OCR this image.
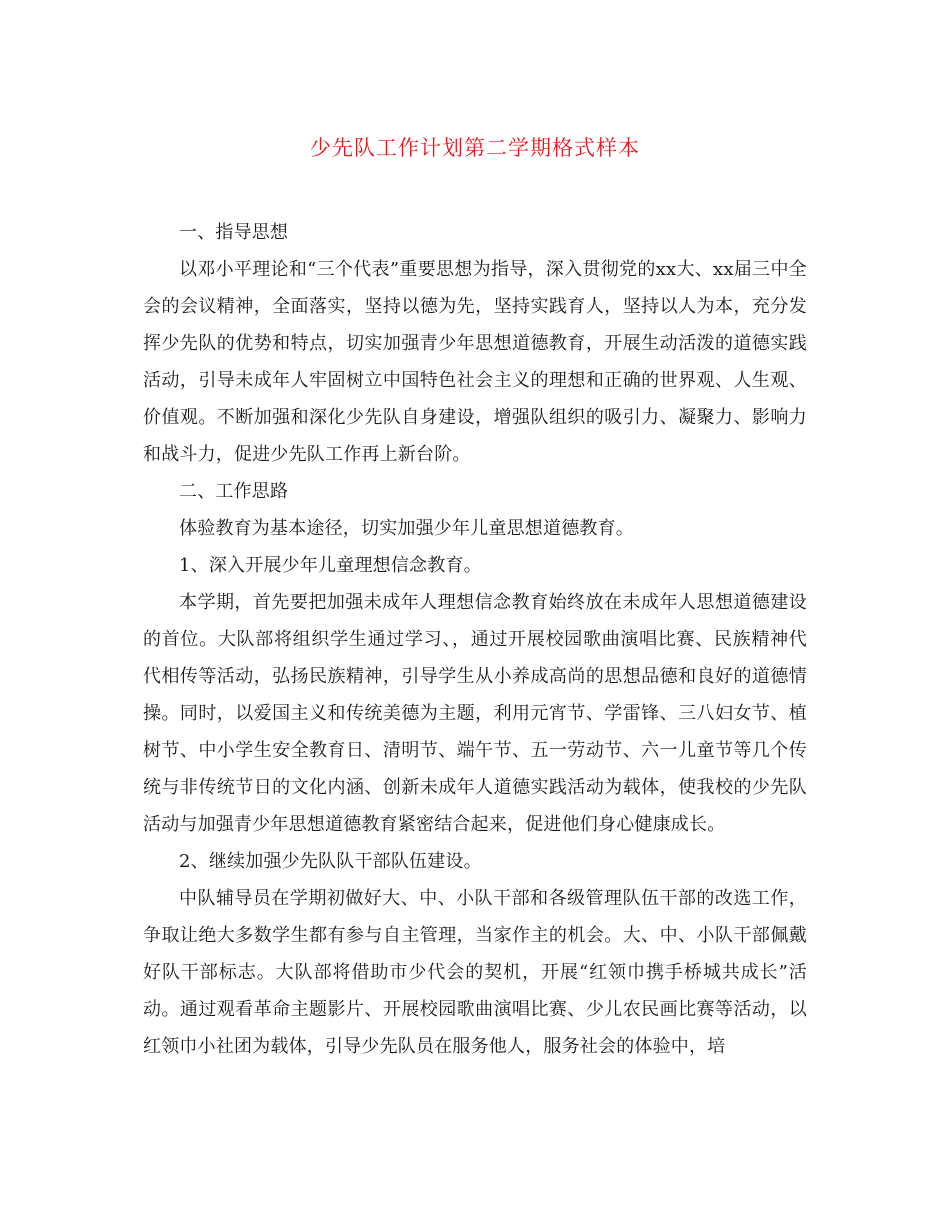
少先队工作计划第二学期格式样本

一、指导思想

以邓小平理论和“三个代表”重要思想为指导，深入贯彻党的xx大、xx届三中全会的会议精神，全面落实，坚持以德为先，坚持实践育人，坚持以人为本，充分发挥少先队的优势和特点，切实加强青少年思想道德教育，开展生动活泼的道德实践活动，引导未成年人牢固树立中国特色社会主义的理想和正确的世界观、人生观、价值观。不断加强和深化少先队自身建设，增强队组织的吸引力、凝聚力、影响力和战斗力，促进少先队工作再上新台阶。

二、工作思路

体验教育为基本途径，切实加强少年儿童思想道德教育。

1、深入开展少年儿童理想信念教育。

本学期，首先要把加强未成年人理想信念教育始终放在未成年人思想道德建设的首位。大队部将组织学生通过学习、，通过开展校园歌曲演唱比赛、民族精神代代相传等活动，弘扬民族精神，引导学生从小养成高尚的思想品德和良好的道德情操。同时，以爱国主义和传统美德为主题，利用元宵节、学雷锋、三八妇女节、植树节、中小学生安全教育日、清明节、端午节、五一劳动节、六一儿童节等几个传统与非传统节日的文化内涵、创新未成年人道德实践活动为载体，使我校的少先队活动与加强青少年思想道德教育紧密结合起来，促进他们身心健康成长。

2、继续加强少先队队干部队伍建设。

中队辅导员在学期初做好大、中、小队干部和各级管理队伍干部的改选工作，争取让绝大多数学生都有参与自主管理，当家作主的机会。大、中、小队干部佩戴好队干部标志。大队部将借助市少代会的契机，开展“红领巾携手桥城共成长”活动。通过观看革命主题影片、开展校园歌曲演唱比赛、少儿农民画比赛等活动，以红领巾小社团为载体，引导少先队员在服务他人，服务社会的体验中，培
